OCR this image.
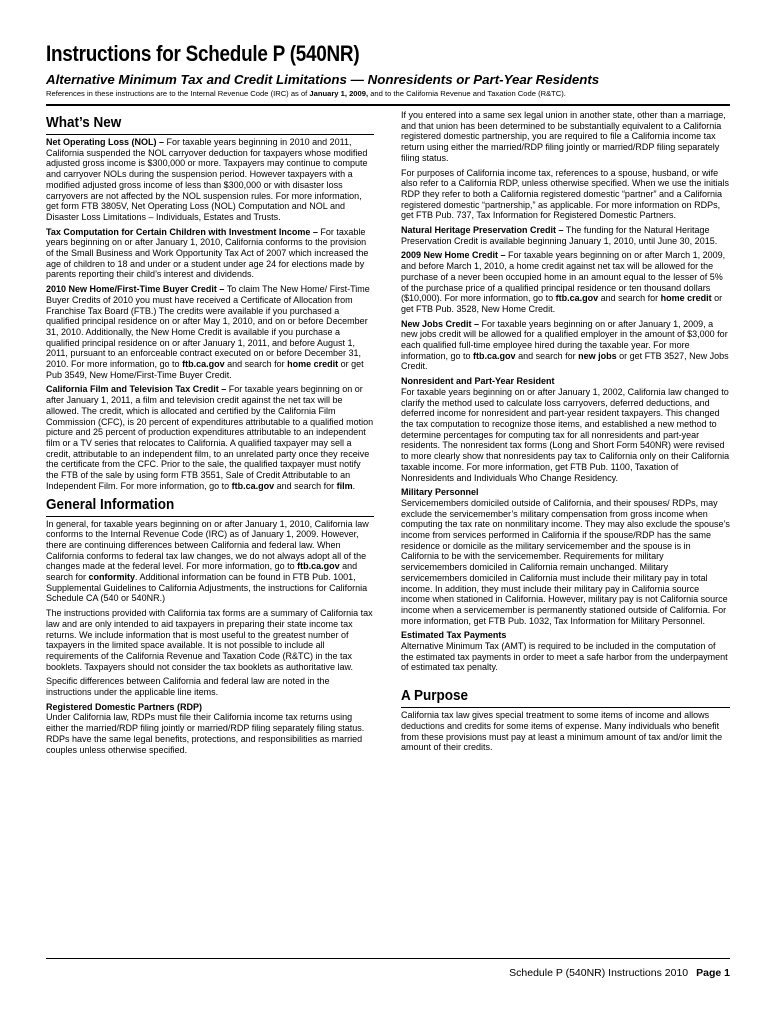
Instructions for Schedule P (540NR)
Alternative Minimum Tax and Credit Limitations — Nonresidents or Part-Year Residents
References in these instructions are to the Internal Revenue Code (IRC) as of January 1, 2009, and to the California Revenue and Taxation Code (R&TC).
What’s New

Net Operating Loss (NOL) – For taxable years beginning in 2010 and 2011, California suspended the NOL carryover deduction for taxpayers whose modified adjusted gross income is $300,000 or more. Taxpayers may continue to compute and carryover NOLs during the suspension period. However taxpayers with a modified adjusted gross income of less than $300,000 or with disaster loss carryovers are not affected by the NOL suspension rules. For more information, get form FTB 3805V, Net Operating Loss (NOL) Computation and NOL and Disaster Loss Limitations – Individuals, Estates and Trusts.

Tax Computation for Certain Children with Investment Income – For taxable years beginning on or after January 1, 2010, California conforms to the provision of the Small Business and Work Opportunity Tax Act of 2007 which increased the age of children to 18 and under or a student under age 24 for elections made by parents reporting their child’s interest and dividends.

2010 New Home/First-Time Buyer Credit – To claim The New Home/ First-Time Buyer Credits of 2010 you must have received a Certificate of Allocation from Franchise Tax Board (FTB.) The credits were available if you purchased a qualified principal residence on or after May 1, 2010, and on or before December 31, 2010. Additionally, the New Home Credit is available if you purchase a qualified principal residence on or after January 1, 2011, and before August 1, 2011, pursuant to an enforceable contract executed on or before December 31, 2010. For more information, go to ftb.ca.gov and search for home credit or get Pub 3549, New Home/First-Time Buyer Credit.

California Film and Television Tax Credit – For taxable years beginning on or after January 1, 2011, a film and television credit against the net tax will be allowed. The credit, which is allocated and certified by the California Film Commission (CFC), is 20 percent of expenditures attributable to a qualified motion picture and 25 percent of production expenditures attributable to an independent film or a TV series that relocates to California. A qualified taxpayer may sell a credit, attributable to an independent film, to an unrelated party once they receive the certificate from the CFC. Prior to the sale, the qualified taxpayer must notify the FTB of the sale by using form FTB 3551, Sale of Credit Attributable to an Independent Film. For more information, go to ftb.ca.gov and search for film.

General Information

In general, for taxable years beginning on or after January 1, 2010, California law conforms to the Internal Revenue Code (IRC) as of January 1, 2009. However, there are continuing differences between California and federal law. When California conforms to federal tax law changes, we do not always adopt all of the changes made at the federal level. For more information, go to ftb.ca.gov and search for conformity. Additional information can be found in FTB Pub. 1001, Supplemental Guidelines to California Adjustments, the instructions for California Schedule CA (540 or 540NR.)

The instructions provided with California tax forms are a summary of California tax law and are only intended to aid taxpayers in preparing their state income tax returns. We include information that is most useful to the greatest number of taxpayers in the limited space available. It is not possible to include all requirements of the California Revenue and Taxation Code (R&TC) in the tax booklets. Taxpayers should not consider the tax booklets as authoritative law.

Specific differences between California and federal law are noted in the instructions under the applicable line items.

Registered Domestic Partners (RDP)

Under California law, RDPs must file their California income tax returns using either the married/RDP filing jointly or married/RDP filing separately filing status. RDPs have the same legal benefits, protections, and responsibilities as married couples unless otherwise specified.

If you entered into a same sex legal union in another state, other than a marriage, and that union has been determined to be substantially equivalent to a California registered domestic partnership, you are required to file a California income tax return using either the married/RDP filing jointly or married/RDP filing separately filing status.

For purposes of California income tax, references to a spouse, husband, or wife also refer to a California RDP, unless otherwise specified. When we use the initials RDP they refer to both a California registered domestic “partner” and a California registered domestic “partnership,” as applicable. For more information on RDPs, get FTB Pub. 737, Tax Information for Registered Domestic Partners.

Natural Heritage Preservation Credit – The funding for the Natural Heritage Preservation Credit is available beginning January 1, 2010, until June 30, 2015.

2009 New Home Credit – For taxable years beginning on or after March 1, 2009, and before March 1, 2010, a home credit against net tax will be allowed for the purchase of a never been occupied home in an amount equal to the lesser of 5% of the purchase price of a qualified principal residence or ten thousand dollars ($10,000). For more information, go to ftb.ca.gov and search for home credit or get FTB Pub. 3528, New Home Credit.

New Jobs Credit – For taxable years beginning on or after January 1, 2009, a new jobs credit will be allowed for a qualified employer in the amount of $3,000 for each qualified full-time employee hired during the taxable year. For more information, go to ftb.ca.gov and search for new jobs or get FTB 3527, New Jobs Credit.

Nonresident and Part-Year Resident

For taxable years beginning on or after January 1, 2002, California law changed to clarify the method used to calculate loss carryovers, deferred deductions, and deferred income for nonresident and part-year resident taxpayers. This changed the tax computation to recognize those items, and established a new method to determine percentages for computing tax for all nonresidents and part-year residents. The nonresident tax forms (Long and Short Form 540NR) were revised to more clearly show that nonresidents pay tax to California only on their California taxable income. For more information, get FTB Pub. 1100, Taxation of Nonresidents and Individuals Who Change Residency.

Military Personnel

Servicemembers domiciled outside of California, and their spouses/ RDPs, may exclude the servicemember’s military compensation from gross income when computing the tax rate on nonmilitary income. They may also exclude the spouse’s income from services performed in California if the spouse/RDP has the same residence or domicile as the military servicemember and the spouse is in California to be with the servicemember. Requirements for military servicemembers domiciled in California remain unchanged. Military servicemembers domiciled in California must include their military pay in total income. In addition, they must include their military pay in California source income when stationed in California. However, military pay is not California source income when a servicemember is permanently stationed outside of California. For more information, get FTB Pub. 1032, Tax Information for Military Personnel.

Estimated Tax Payments

Alternative Minimum Tax (AMT) is required to be included in the computation of the estimated tax payments in order to meet a safe harbor from the underpayment of estimated tax penalty.

A Purpose

California tax law gives special treatment to some items of income and allows deductions and credits for some items of expense. Many individuals who benefit from these provisions must pay at least a minimum amount of tax and/or limit the amount of their credits.

Schedule P (540NR) Instructions 2010 Page 1
